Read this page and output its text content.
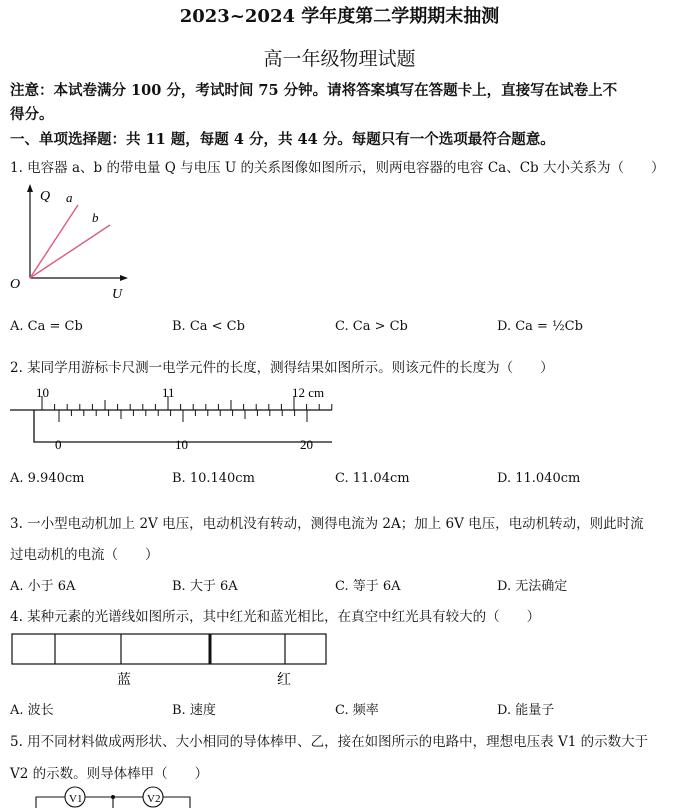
2023~2024 学年度第二学期期末抽测
高一年级物理试题
注意：本试卷满分 100 分，考试时间 75 分钟。请将答案填写在答题卡上，直接写在试卷上不
得分。
一、单项选择题：共 11 题，每题 4 分，共 44 分。每题只有一个选项最符合题意。
1. 电容器 a、b 的带电量 Q 与电压 U 的关系图像如图所示，则两电容器的电容 Ca、Cb 大小关系为（　　）
Q a
b
O
U
A. Ca = Cb	B. Ca < Cb	C. Ca > Cb	D. Ca = ½Cb
2. 某同学用游标卡尺测一电学元件的长度，测得结果如图所示。则该元件的长度为（　　）
10	11	12 cm
0	10	20
A. 9.940cm	B. 10.140cm	C. 11.04cm	D. 11.040cm
3. 一小型电动机加上 2V 电压，电动机没有转动，测得电流为 2A；加上 6V 电压，电动机转动，则此时流
过电动机的电流（　　）
A. 小于 6A	B. 大于 6A	C. 等于 6A	D. 无法确定
4. 某种元素的光谱线如图所示，其中红光和蓝光相比，在真空中红光具有较大的（　　）
蓝	红
A. 波长	B. 速度	C. 频率	D. 能量子
5. 用不同材料做成两形状、大小相同的导体棒甲、乙，接在如图所示的电路中，理想电压表 V1 的示数大于
V2 的示数。则导体棒甲（　　）
V1	V2
